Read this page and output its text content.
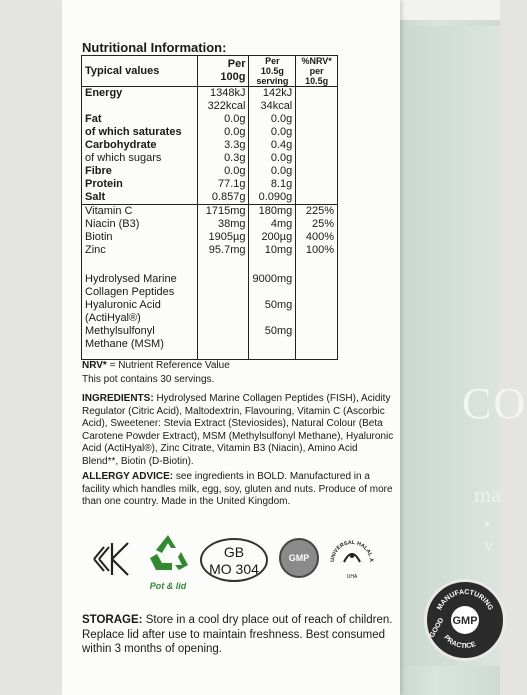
CO
ma
• v
Nutritional Information:
Typical values	Per 100g	Per 10.5g serving	%NRV* per 10.5g
Energy	1348kJ	142kJ	
	322kcal	34kcal	
Fat	0.0g	0.0g	
of which saturates	0.0g	0.0g	
Carbohydrate	3.3g	0.4g	
of which sugars	0.3g	0.0g	
Fibre	0.0g	0.0g	
Protein	77.1g	8.1g	
Salt	0.857g	0.090g	

Vitamin C	1715mg	180mg	225%
Niacin (B3)	38mg	4mg	25%
Biotin	1905µg	200µg	400%
Zinc	95.7mg	10mg	100%

Hydrolysed Marine Collagen Peptides		9000mg	
Hyaluronic Acid (ActiHyal®)		50mg	
Methylsulfonyl Methane (MSM)		50mg	

NRV* = Nutrient Reference Value
This pot contains 30 servings.
INGREDIENTS: Hydrolysed Marine Collagen Peptides (FISH), Acidity Regulator (Citric Acid), Maltodextrin, Flavouring, Vitamin C (Ascorbic Acid), Sweetener: Stevia Extract (Steviosides), Natural Colour (Beta Carotene Powder Extract), MSM (Methylsulfonyl Methane), Hyaluronic Acid (ActiHyal®), Zinc Citrate, Vitamin B3 (Niacin), Amino Acid Blend**, Biotin (D-Biotin).
ALLERGY ADVICE: see ingredients in BOLD. Manufactured in a facility which handles milk, egg, soy, gluten and nuts. Produce of more than one country. Made in the United Kingdom.
Pot & lid
GB
MO 304
GMP	UNIVERSAL HALAL A
UHA
MANUFACTURING
PRACTICE
GOOD GMP
STORAGE: Store in a cool dry place out of reach of children. Replace lid after use to maintain freshness. Best consumed within 3 months of opening.
